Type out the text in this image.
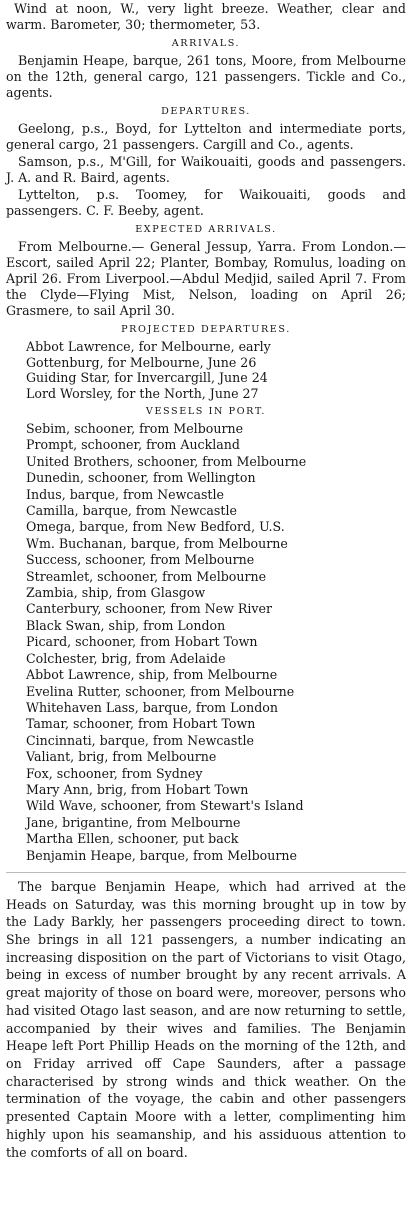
Wind at noon, W., very light breeze. Weather, clear and warm. Barometer, 30; thermometer, 53.

ARRIVALS.

Benjamin Heape, barque, 261 tons, Moore, from Melbourne on the 12th, general cargo, 121 passengers. Tickle and Co., agents.

DEPARTURES.

Geelong, p.s., Boyd, for Lyttelton and intermediate ports, general cargo, 21 passengers. Cargill and Co., agents.

Samson, p.s., M'Gill, for Waikouaiti, goods and passengers. J. A. and R. Baird, agents.

Lyttelton, p.s. Toomey, for Waikouaiti, goods and passengers. C. F. Beeby, agent.

EXPECTED ARRIVALS.

From Melbourne.— General Jessup, Yarra. From London.— Escort, sailed April 22; Planter, Bombay, Romulus, loading on April 26. From Liverpool.—Abdul Medjid, sailed April 7. From the Clyde—Flying Mist, Nelson, loading on April 26; Grasmere, to sail April 30.

PROJECTED DEPARTURES.
Abbot Lawrence, for Melbourne, early
Gottenburg, for Melbourne, June 26
Guiding Star, for Invercargill, June 24
Lord Worsley, for the North, June 27
VESSELS IN PORT.
Sebim, schooner, from Melbourne
Prompt, schooner, from Auckland
United Brothers, schooner, from Melbourne
Dunedin, schooner, from Wellington
Indus, barque, from Newcastle
Camilla, barque, from Newcastle
Omega, barque, from New Bedford, U.S.
Wm. Buchanan, barque, from Melbourne
Success, schooner, from Melbourne
Streamlet, schooner, from Melbourne
Zambia, ship, from Glasgow
Canterbury, schooner, from New River
Black Swan, ship, from London
Picard, schooner, from Hobart Town
Colchester, brig, from Adelaide
Abbot Lawrence, ship, from Melbourne
Evelina Rutter, schooner, from Melbourne
Whitehaven Lass, barque, from London
Tamar, schooner, from Hobart Town
Cincinnati, barque, from Newcastle
Valiant, brig, from Melbourne
Fox, schooner, from Sydney
Mary Ann, brig, from Hobart Town
Wild Wave, schooner, from Stewart's Island
Jane, brigantine, from Melbourne
Martha Ellen, schooner, put back
Benjamin Heape, barque, from Melbourne

The barque Benjamin Heape, which had arrived at the Heads on Saturday, was this morning brought up in tow by the Lady Barkly, her passengers proceeding direct to town. She brings in all 121 passengers, a number indicating an increasing disposition on the part of Victorians to visit Otago, being in excess of number brought by any recent arrivals. A great majority of those on board were, moreover, persons who had visited Otago last season, and are now returning to settle, accompanied by their wives and families. The Benjamin Heape left Port Phillip Heads on the morning of the 12th, and on Friday arrived off Cape Saunders, after a passage characterised by strong winds and thick weather. On the termination of the voyage, the cabin and other passengers presented Captain Moore with a letter, complimenting him highly upon his seamanship, and his assiduous attention to the comforts of all on board.
